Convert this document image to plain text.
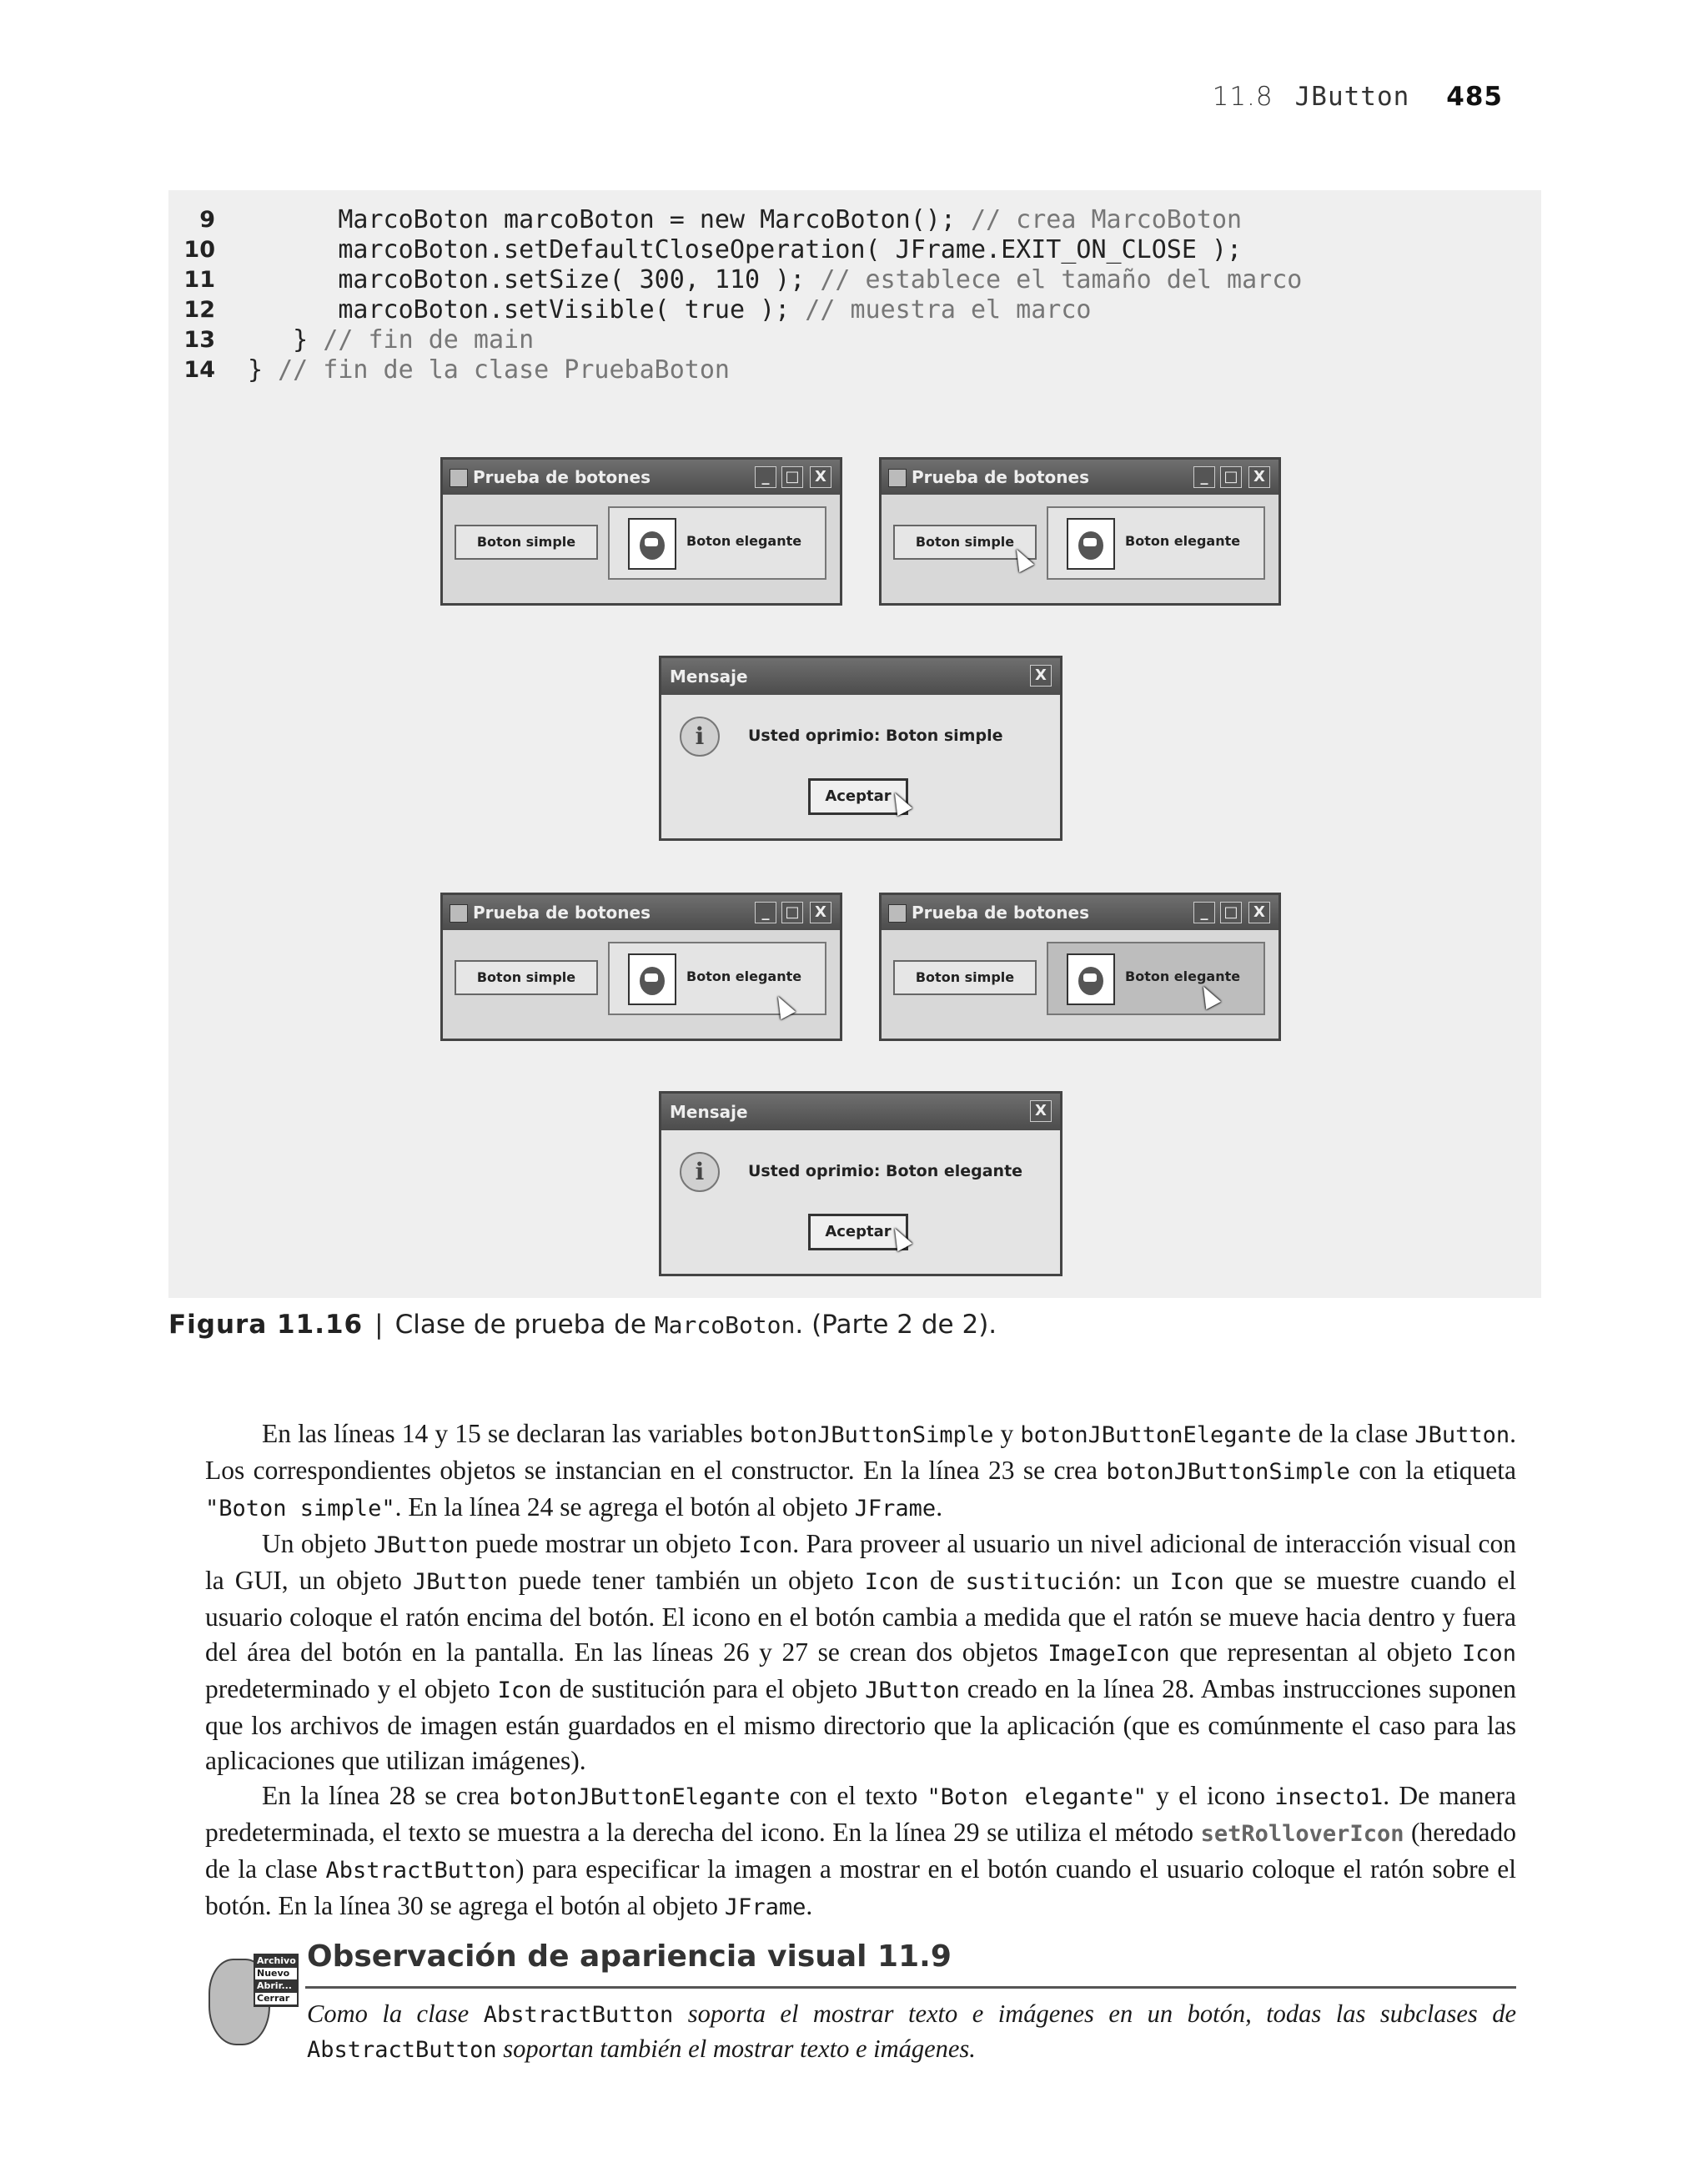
11.8 JButton 485
9 MarcoBoton marcoBoton = new MarcoBoton(); // crea MarcoBoton
10 marcoBoton.setDefaultCloseOperation( JFrame.EXIT_ON_CLOSE );
11 marcoBoton.setSize( 300, 110 ); // establece el tamaño del marco
12 marcoBoton.setVisible( true ); // muestra el marco
13 } // fin de main
14 } // fin de la clase PruebaBoton
Prueba de botones	_	□	X
Boton simple	Boton elegante
Prueba de botones	_	□	X
Boton simple	Boton elegante
Mensaje	X
i	Usted oprimio: Boton simple
Aceptar
Prueba de botones	_	□	X
Boton simple	Boton elegante
Prueba de botones	_	□	X
Boton simple	Boton elegante
Mensaje	X
i	Usted oprimio: Boton elegante
Aceptar
Figura 11.16 | Clase de prueba de MarcoBoton. (Parte 2 de 2).

En las líneas 14 y 15 se declaran las variables botonJButtonSimple y botonJButtonElegante de la clase JButton. Los correspondientes objetos se instancian en el constructor. En la línea 23 se crea botonJButtonSimple con la etiqueta "Boton simple". En la línea 24 se agrega el botón al objeto JFrame.

Un objeto JButton puede mostrar un objeto Icon. Para proveer al usuario un nivel adicional de interacción visual con la GUI, un objeto JButton puede tener también un objeto Icon de sustitución: un Icon que se muestre cuando el usuario coloque el ratón encima del botón. El icono en el botón cambia a medida que el ratón se mueve hacia dentro y fuera del área del botón en la pantalla. En las líneas 26 y 27 se crean dos objetos ImageIcon que representan al objeto Icon predeterminado y el objeto Icon de sustitución para el objeto JButton creado en la línea 28. Ambas instrucciones suponen que los archivos de imagen están guardados en el mismo directorio que la aplicación (que es comúnmente el caso para las aplicaciones que utilizan imágenes).

En la línea 28 se crea botonJButtonElegante con el texto "Boton elegante" y el icono insecto1. De manera predeterminada, el texto se muestra a la derecha del icono. En la línea 29 se utiliza el método setRolloverIcon (heredado de la clase AbstractButton) para especificar la imagen a mostrar en el botón cuando el usuario coloque el ratón sobre el botón. En la línea 30 se agrega el botón al objeto JFrame.

Archivo
Nuevo
Abrir...
Cerrar
Observación de apariencia visual 11.9
Como la clase AbstractButton soporta el mostrar texto e imágenes en un botón, todas las subclases de AbstractButton soportan también el mostrar texto e imágenes.
